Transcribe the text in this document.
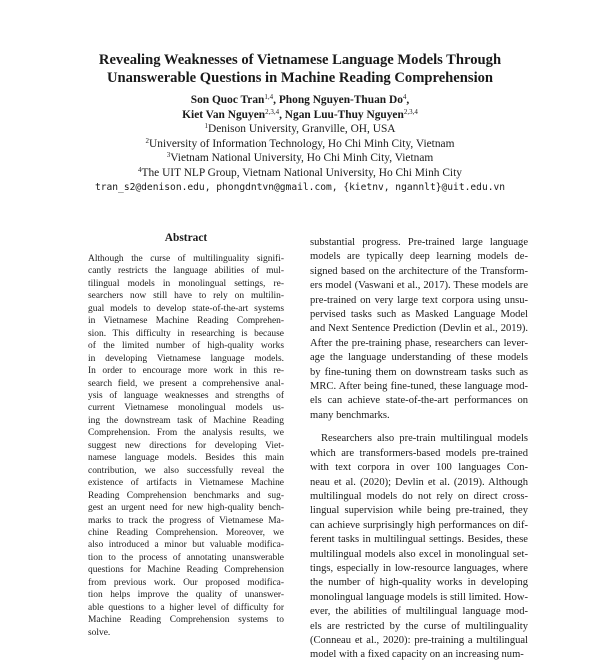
Revealing Weaknesses of Vietnamese Language Models Through
Unanswerable Questions in Machine Reading Comprehension
Son Quoc Tran$^{1,4}$, Phong Nguyen-Thuan Do$^4$,
Kiet Van Nguyen$^{2,3,4}$, Ngan Luu-Thuy Nguyen$^{2,3,4}$
$^1$Denison University, Granville, OH, USA
$^2$University of Information Technology, Ho Chi Minh City, Vietnam
$^3$Vietnam National University, Ho Chi Minh City, Vietnam
$^4$The UIT NLP Group, Vietnam National University, Ho Chi Minh City
tran_s2@denison.edu, phongdntvn@gmail.com, {kietnv, ngannlt}@uit.edu.vn
Abstract
Although the curse of multilinguality signifi-
cantly restricts the language abilities of mul-
tilingual models in monolingual settings, re-
searchers now still have to rely on multilin-
gual models to develop state-of-the-art systems
in Vietnamese Machine Reading Comprehen-
sion. This difficulty in researching is because
of the limited number of high-quality works
in developing Vietnamese language models.
In order to encourage more work in this re-
search field, we present a comprehensive anal-
ysis of language weaknesses and strengths of
current Vietnamese monolingual models us-
ing the downstream task of Machine Reading
Comprehension. From the analysis results, we
suggest new directions for developing Viet-
namese language models. Besides this main
contribution, we also successfully reveal the
existence of artifacts in Vietnamese Machine
Reading Comprehension benchmarks and sug-
gest an urgent need for new high-quality bench-
marks to track the progress of Vietnamese Ma-
chine Reading Comprehension. Moreover, we
also introduced a minor but valuable modifica-
tion to the process of annotating unanswerable
questions for Machine Reading Comprehension
from previous work. Our proposed modifica-
tion helps improve the quality of unanswer-
able questions to a higher level of difficulty for
Machine Reading Comprehension systems to
solve.
substantial progress. Pre-trained large language
models are typically deep learning models de-
signed based on the architecture of the Transform-
ers model (Vaswani et al., 2017). These models are
pre-trained on very large text corpora using unsu-
pervised tasks such as Masked Language Model
and Next Sentence Prediction (Devlin et al., 2019).
After the pre-training phase, researchers can lever-
age the language understanding of these models
by fine-tuning them on downstream tasks such as
MRC. After being fine-tuned, these language mod-
els can achieve state-of-the-art performances on
many benchmarks.
Researchers also pre-train multilingual models
which are transformers-based models pre-trained
with text corpora in over 100 languages Con-
neau et al. (2020); Devlin et al. (2019). Although
multilingual models do not rely on direct cross-
lingual supervision while being pre-trained, they
can achieve surprisingly high performances on dif-
ferent tasks in multilingual settings. Besides, these
multilingual models also excel in monolingual set-
tings, especially in low-resource languages, where
the number of high-quality works in developing
monolingual language models is still limited. How-
ever, the abilities of multilingual language mod-
els are restricted by the curse of multilinguality
(Conneau et al., 2020): pre-training a multilingual
model with a fixed capacity on an increasing num-
